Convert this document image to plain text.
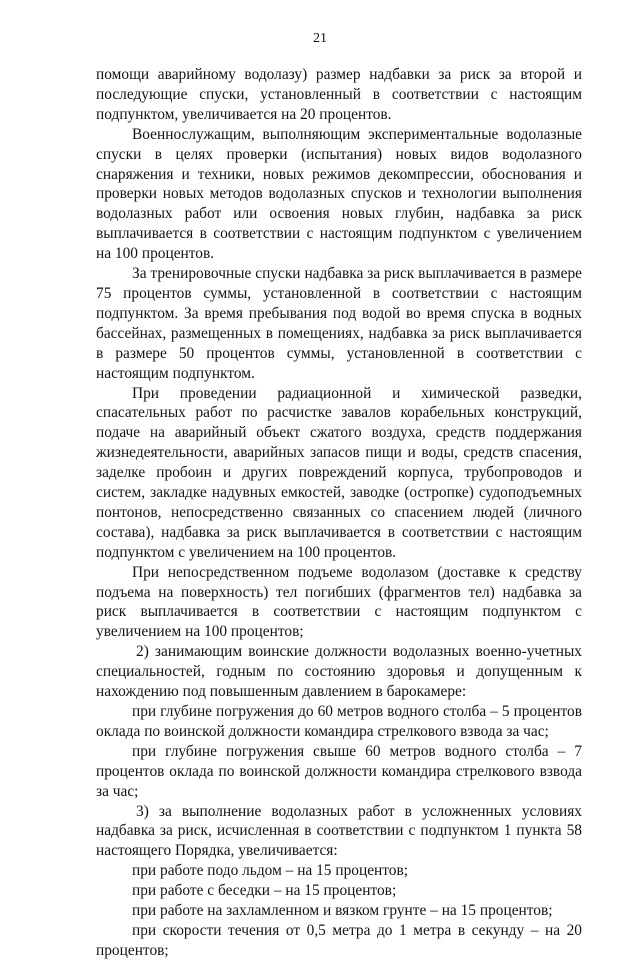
21

помощи аварийному водолазу) размер надбавки за риск за второй и последующие спуски, установленный в соответствии с настоящим подпунктом, увеличивается на 20 процентов.

Военнослужащим, выполняющим экспериментальные водолазные спуски в целях проверки (испытания) новых видов водолазного снаряжения и техники, новых режимов декомпрессии, обоснования и проверки новых методов водолазных спусков и технологии выполнения водолазных работ или освоения новых глубин, надбавка за риск выплачивается в соответствии с настоящим подпунктом с увеличением на 100 процентов.

За тренировочные спуски надбавка за риск выплачивается в размере 75 процентов суммы, установленной в соответствии с настоящим подпунктом. За время пребывания под водой во время спуска в водных бассейнах, размещенных в помещениях, надбавка за риск выплачивается в размере 50 процентов суммы, установленной в соответствии с настоящим подпунктом.

При проведении радиационной и химической разведки, спасательных работ по расчистке завалов корабельных конструкций, подаче на аварийный объект сжатого воздуха, средств поддержания жизнедеятельности, аварийных запасов пищи и воды, средств спасения, заделке пробоин и других повреждений корпуса, трубопроводов и систем, закладке надувных емкостей, заводке (остропке) судоподъемных понтонов, непосредственно связанных со спасением людей (личного состава), надбавка за риск выплачивается в соответствии с настоящим подпунктом с увеличением на 100 процентов.

При непосредственном подъеме водолазом (доставке к средству подъема на поверхность) тел погибших (фрагментов тел) надбавка за риск выплачивается в соответствии с настоящим подпунктом с увеличением на 100 процентов;

2) занимающим воинские должности водолазных военно-учетных специальностей, годным по состоянию здоровья и допущенным к нахождению под повышенным давлением в барокамере:

при глубине погружения до 60 метров водного столба – 5 процентов оклада по воинской должности командира стрелкового взвода за час;

при глубине погружения свыше 60 метров водного столба – 7 процентов оклада по воинской должности командира стрелкового взвода за час;

3) за выполнение водолазных работ в усложненных условиях надбавка за риск, исчисленная в соответствии с подпунктом 1 пункта 58 настоящего Порядка, увеличивается:

при работе подо льдом – на 15 процентов;

при работе с беседки – на 15 процентов;

при работе на захламленном и вязком грунте – на 15 процентов;

при скорости течения от 0,5 метра до 1 метра в секунду – на 20 процентов;
